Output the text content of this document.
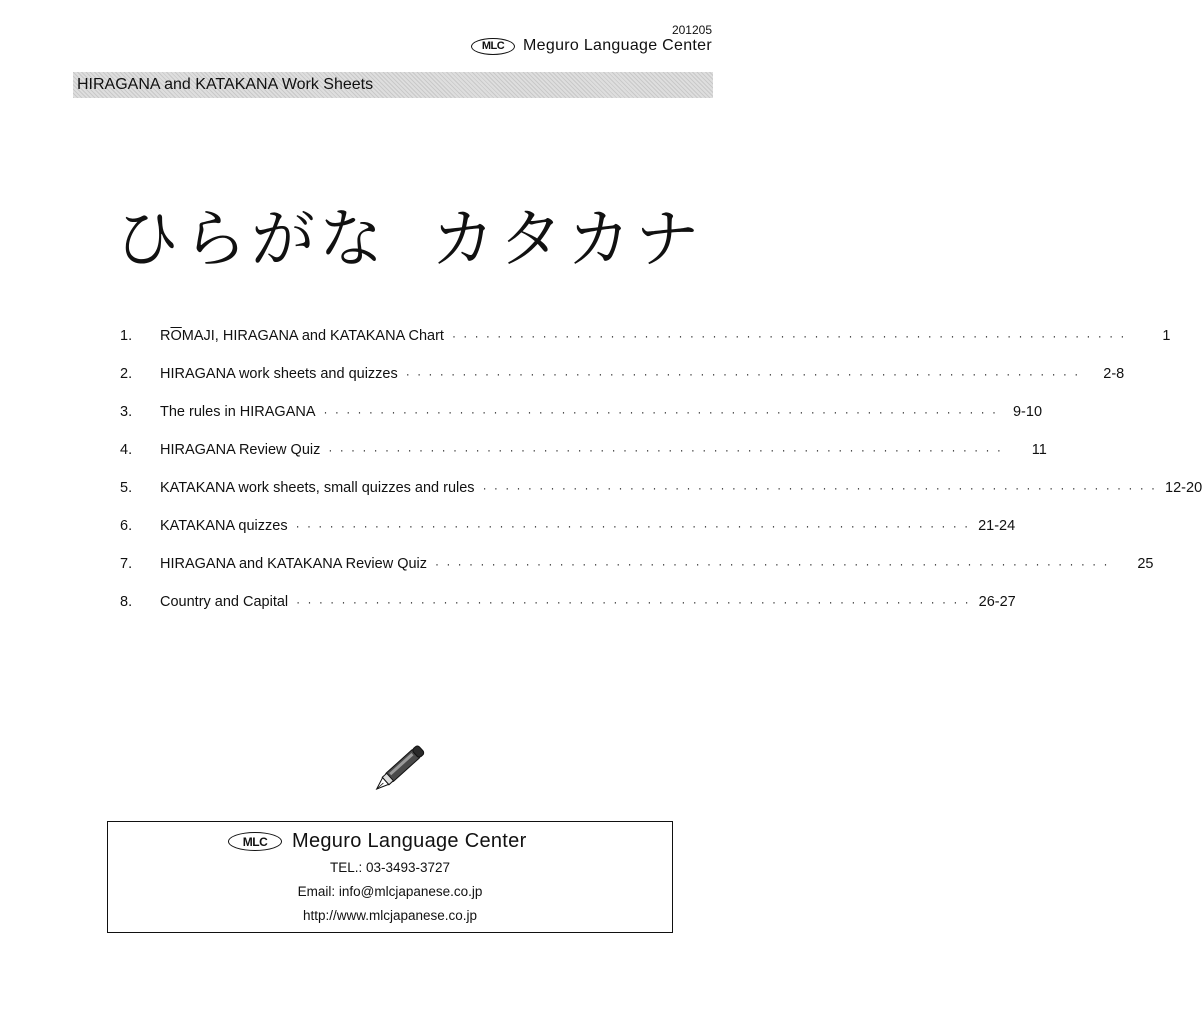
201205
MLC	Meguro Language Center
HIRAGANA and KATAKANA Work Sheets
ひらがな カタカナ
1.	$R\overline{O}MAJI$, HIRAGANA and KATAKANA Chart · · · · · · · · · · · · · · · · · · · · · · · · · · · · · · · · · · · · · · · · · · · · · · · · · · · · · · · · · · · ·	1
2.	HIRAGANA work sheets and quizzes · · · · · · · · · · · · · · · · · · · · · · · · · · · · · · · · · · · · · · · · · · · · · · · · · · · · · · · · · · · ·	2-8
3.	The rules in HIRAGANA · · · · · · · · · · · · · · · · · · · · · · · · · · · · · · · · · · · · · · · · · · · · · · · · · · · · · · · · · · · ·	9-10
4.	HIRAGANA Review Quiz · · · · · · · · · · · · · · · · · · · · · · · · · · · · · · · · · · · · · · · · · · · · · · · · · · · · · · · · · · · ·	11
5.	KATAKANA work sheets, small quizzes and rules · · · · · · · · · · · · · · · · · · · · · · · · · · · · · · · · · · · · · · · · · · · · · · · · · · · · · · · · · · · · 12-20
6.	KATAKANA quizzes · · · · · · · · · · · · · · · · · · · · · · · · · · · · · · · · · · · · · · · · · · · · · · · · · · · · · · · · · · · · 21-24
7.	HIRAGANA and KATAKANA Review Quiz · · · · · · · · · · · · · · · · · · · · · · · · · · · · · · · · · · · · · · · · · · · · · · · · · · · · · · · · · · · ·	25
8.	Country and Capital · · · · · · · · · · · · · · · · · · · · · · · · · · · · · · · · · · · · · · · · · · · · · · · · · · · · · · · · · · · · 26-27
MLC	Meguro Language Center
TEL.: 03-3493-3727
Email: info@mlcjapanese.co.jp
http://www.mlcjapanese.co.jp
